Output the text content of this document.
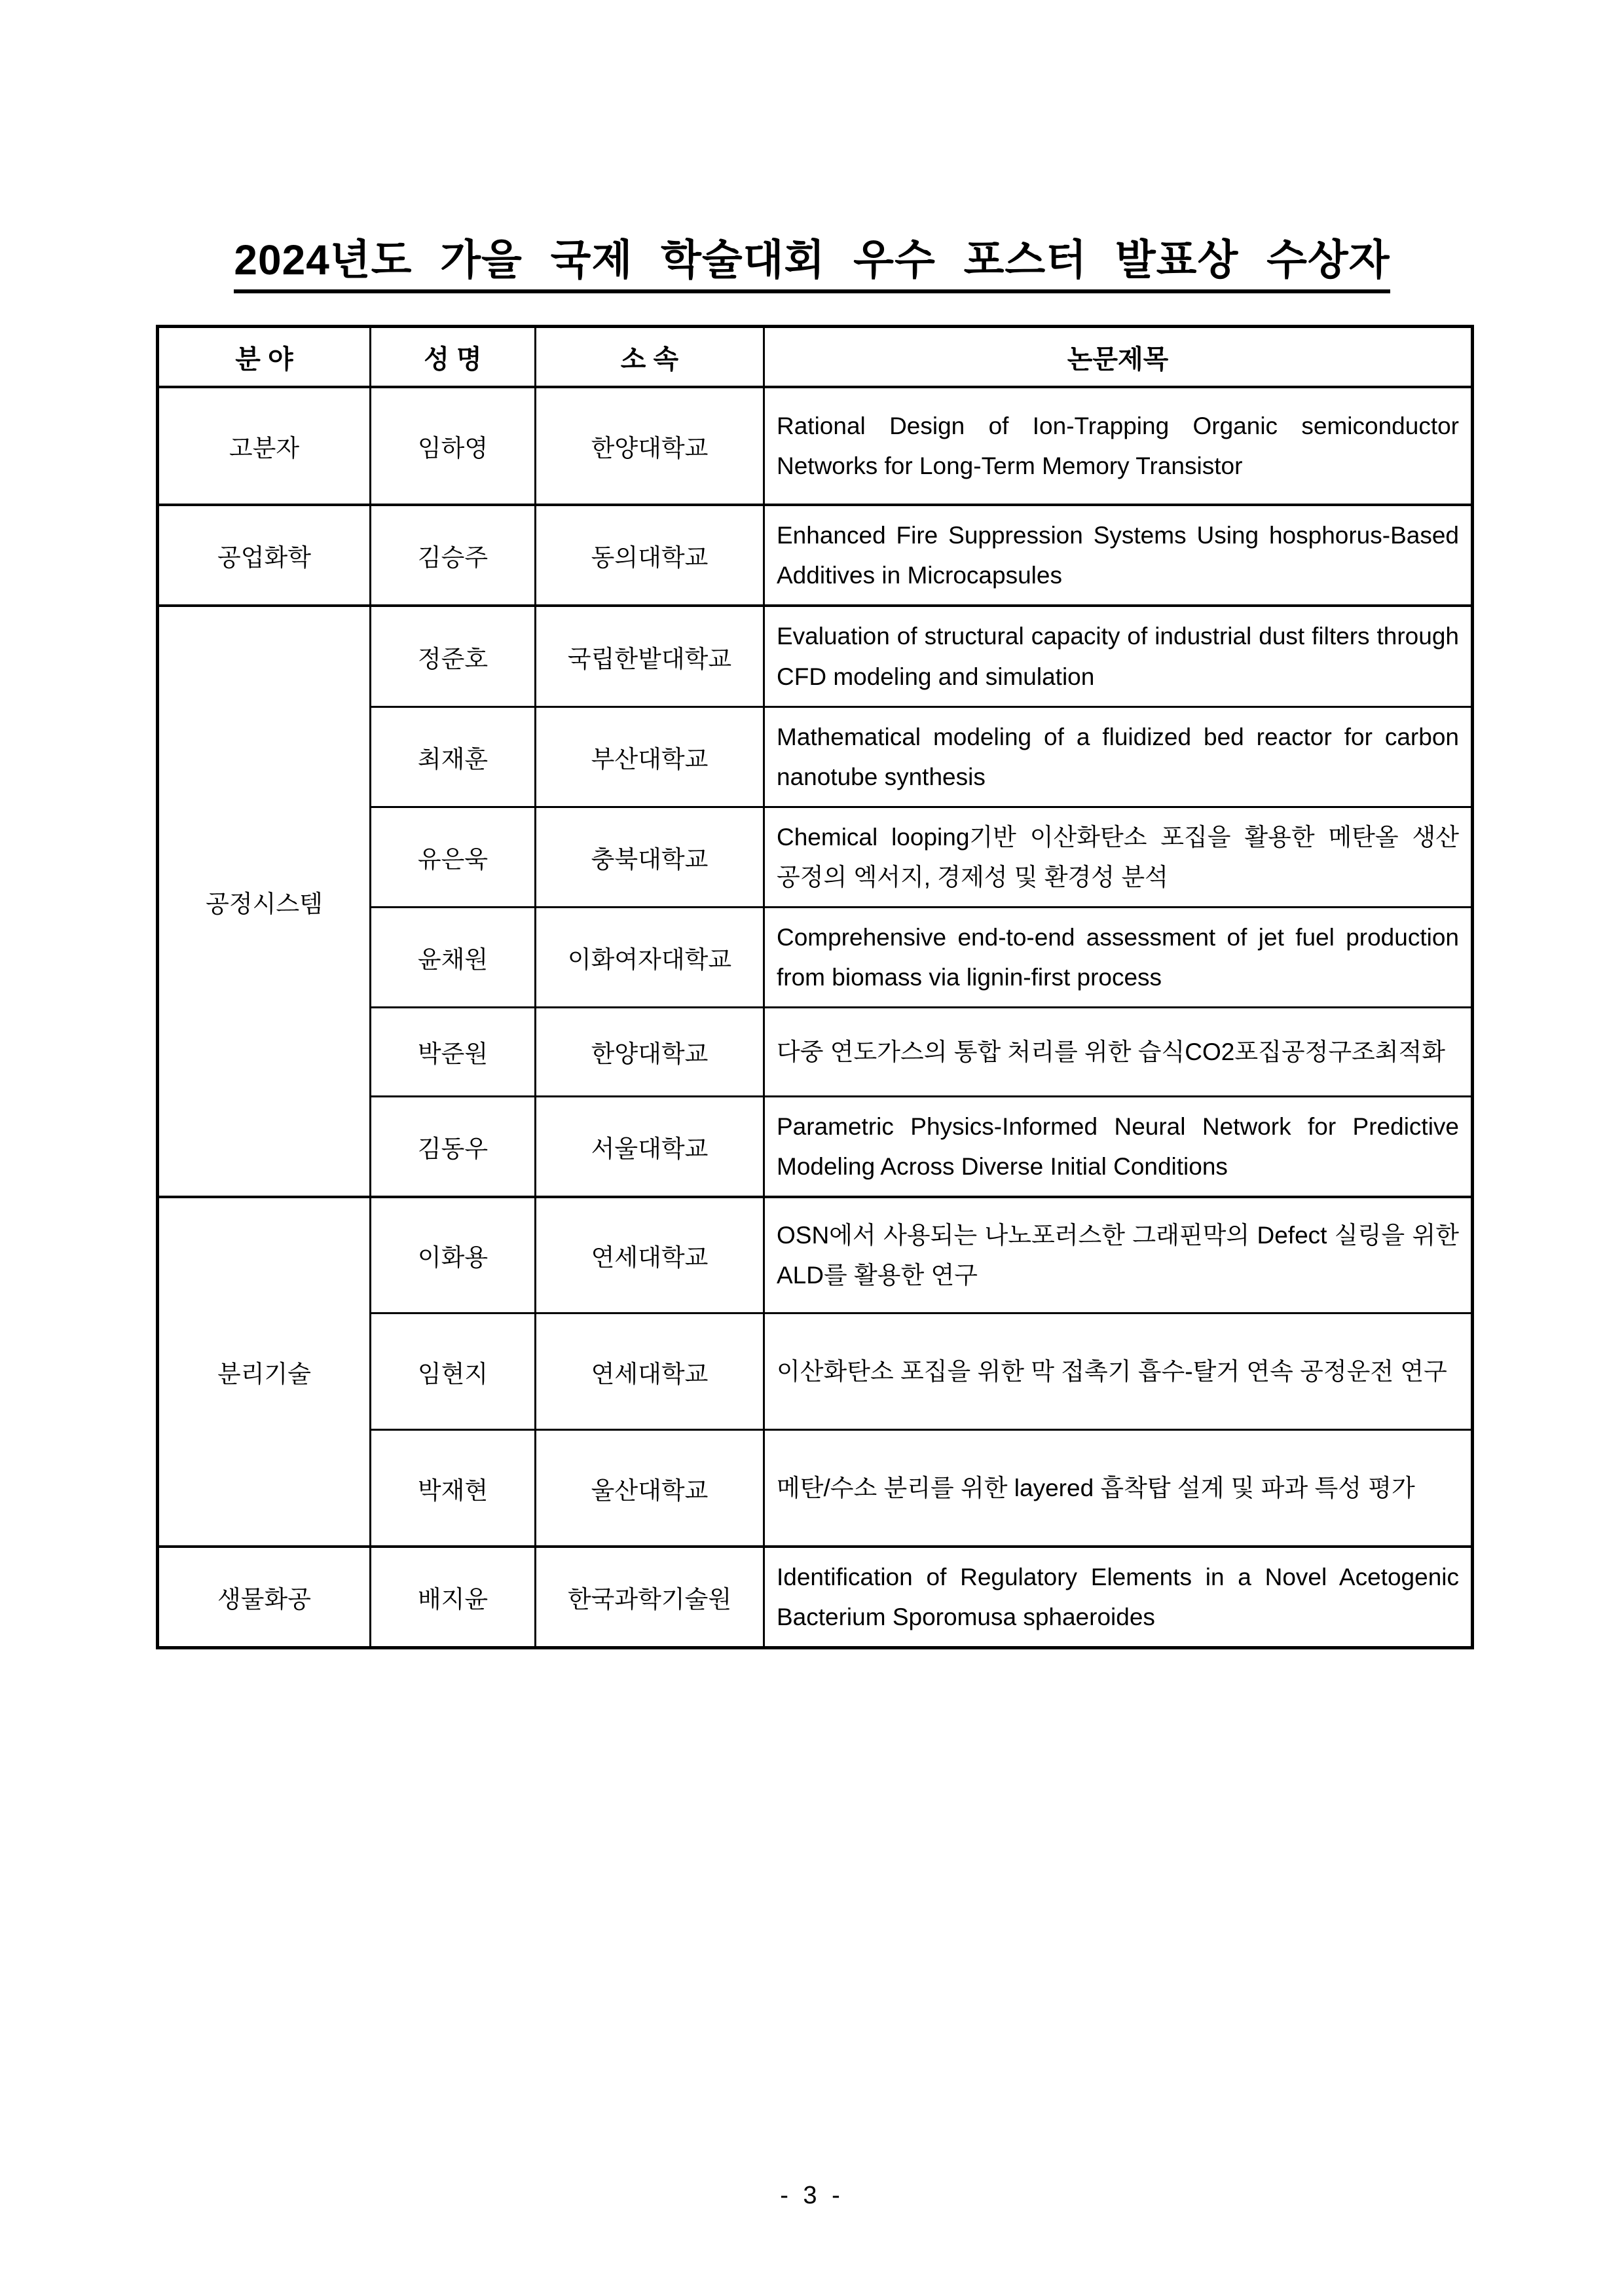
2024년도 가을 국제 학술대회 우수 포스터 발표상 수상자
분 야	성 명	소 속	논문제목
고분자	임하영	한양대학교	Rational Design of Ion-Trapping Organic semiconductor Networks for Long-Term Memory Transistor
공업화학	김승주	동의대학교	Enhanced Fire Suppression Systems Using hosphorus-Based Additives in Microcapsules
공정시스템	정준호	국립한밭대학교	Evaluation of structural capacity of industrial dust filters through CFD modeling and simulation
	최재훈	부산대학교	Mathematical modeling of a fluidized bed reactor for carbon nanotube synthesis
	유은욱	충북대학교	Chemical looping기반 이산화탄소 포집을 활용한 메탄올 생산 공정의 엑서지, 경제성 및 환경성 분석
	윤채원	이화여자대학교	Comprehensive end-to-end assessment of jet fuel production from biomass via lignin-first process
	박준원	한양대학교	다중 연도가스의 통합 처리를 위한 습식CO2포집공정구조최적화
	김동우	서울대학교	Parametric Physics-Informed Neural Network for Predictive Modeling Across Diverse Initial Conditions
분리기술	이화용	연세대학교	OSN에서 사용되는 나노포러스한 그래핀막의 Defect 실링을 위한 ALD를 활용한 연구
	임현지	연세대학교	이산화탄소 포집을 위한 막 접촉기 흡수-탈거 연속 공정운전 연구
	박재현	울산대학교	메탄/수소 분리를 위한 layered 흡착탑 설계 및 파과 특성 평가
생물화공	배지윤	한국과학기술원	Identification of Regulatory Elements in a Novel Acetogenic Bacterium Sporomusa sphaeroides
- 3 -
